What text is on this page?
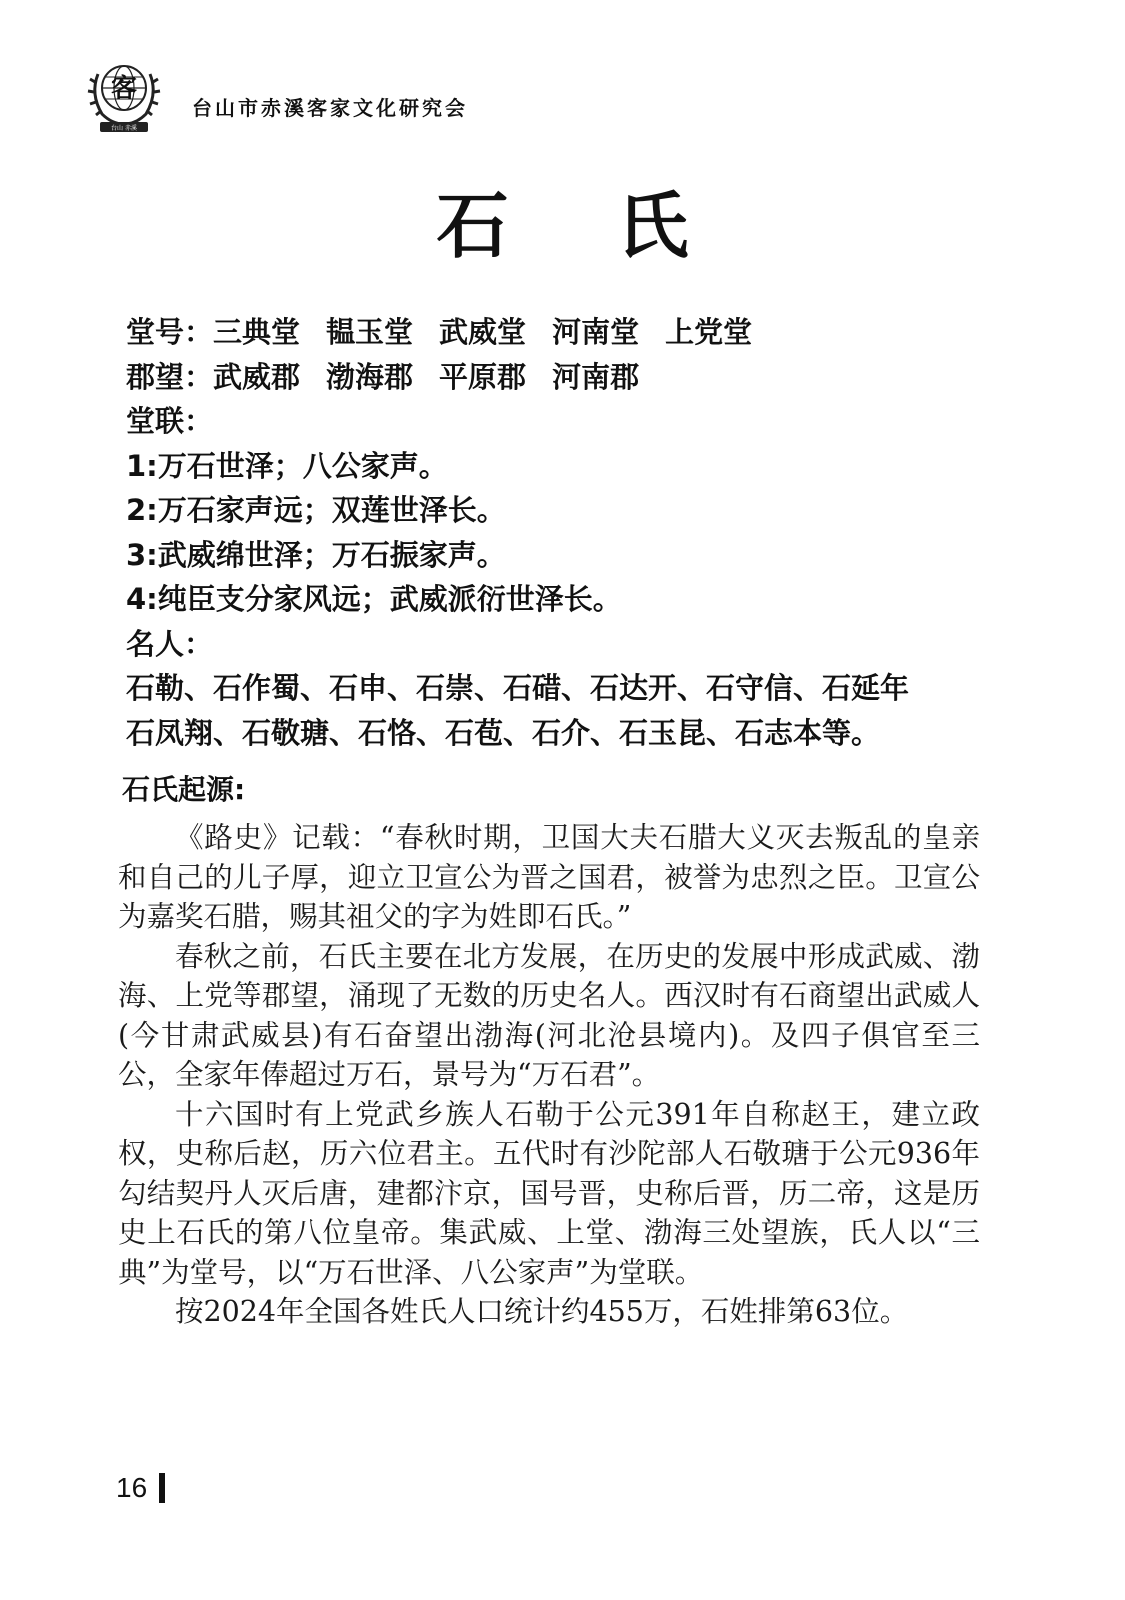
客
台山 赤溪
台山市赤溪客家文化研究会
石 氏
堂号：三典堂 韫玉堂 武威堂 河南堂 上党堂
郡望：武威郡 渤海郡 平原郡 河南郡
堂联：
1:万石世泽；八公家声。
2:万石家声远；双莲世泽长。
3:武威绵世泽；万石振家声。
4:纯臣支分家风远；武威派衍世泽长。
名人：
石勒、石作蜀、石申、石崇、石碏、石达开、石守信、石延年
石凤翔、石敬瑭、石恪、石苞、石介、石玉昆、石志本等。
石氏起源:

《路史》记载：“春秋时期，卫国大夫石腊大义灭去叛乱的皇亲和自己的儿子厚，迎立卫宣公为晋之国君，被誉为忠烈之臣。卫宣公为嘉奖石腊，赐其祖父的字为姓即石氏。”

春秋之前，石氏主要在北方发展，在历史的发展中形成武威、渤海、上党等郡望，涌现了无数的历史名人。西汉时有石商望出武威人(今甘肃武威县)有石奋望出渤海(河北沧县境内)。及四子俱官至三公，全家年俸超过万石，景号为“万石君”。

十六国时有上党武乡族人石勒于公元391年自称赵王，建立政权，史称后赵，历六位君主。五代时有沙陀部人石敬瑭于公元936年勾结契丹人灭后唐，建都汴京，国号晋，史称后晋，历二帝，这是历史上石氏的第八位皇帝。集武威、上堂、渤海三处望族，氏人以“三典”为堂号，以“万石世泽、八公家声”为堂联。

按2024年全国各姓氏人口统计约455万，石姓排第63位。

16
